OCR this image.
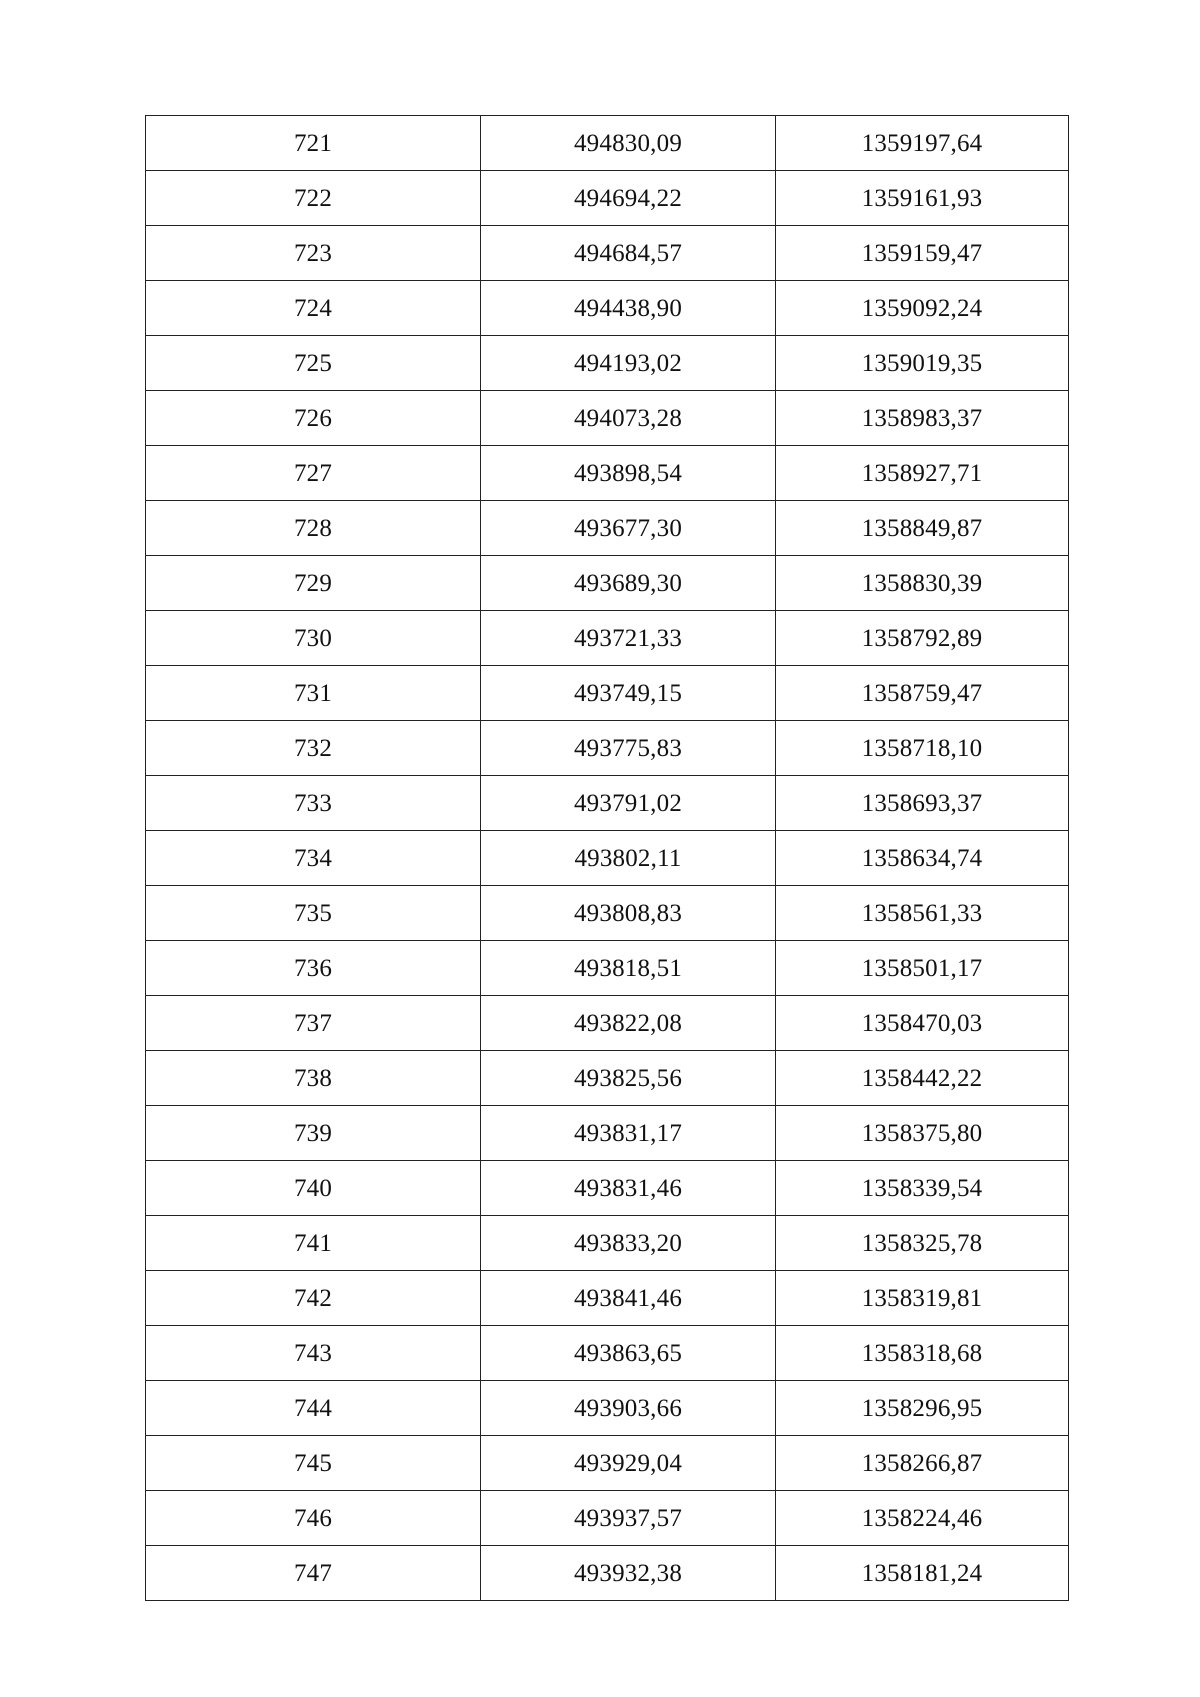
721	494830,09	1359197,64
722	494694,22	1359161,93
723	494684,57	1359159,47
724	494438,90	1359092,24
725	494193,02	1359019,35
726	494073,28	1358983,37
727	493898,54	1358927,71
728	493677,30	1358849,87
729	493689,30	1358830,39
730	493721,33	1358792,89
731	493749,15	1358759,47
732	493775,83	1358718,10
733	493791,02	1358693,37
734	493802,11	1358634,74
735	493808,83	1358561,33
736	493818,51	1358501,17
737	493822,08	1358470,03
738	493825,56	1358442,22
739	493831,17	1358375,80
740	493831,46	1358339,54
741	493833,20	1358325,78
742	493841,46	1358319,81
743	493863,65	1358318,68
744	493903,66	1358296,95
745	493929,04	1358266,87
746	493937,57	1358224,46
747	493932,38	1358181,24
